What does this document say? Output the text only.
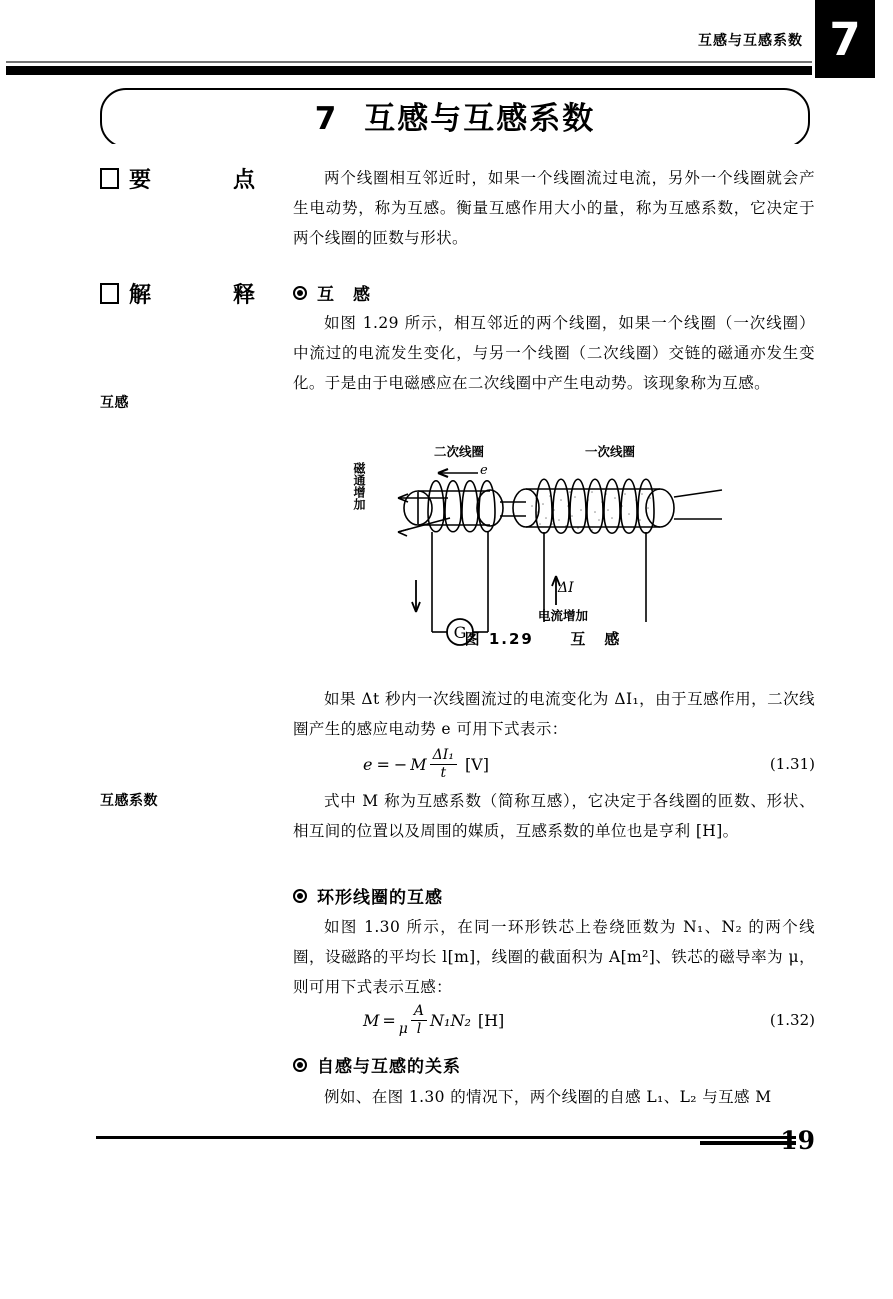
互感与互感系数 7
7 互感与互感系数
要	点	两个线圈相互邻近时，如果一个线圈流过电流，另外一个线圈就会产生电动势，称为互感。衡量互感作用大小的量，称为互感系数，它决定于两个线圈的匝数与形状。

解	释	互　感

如图 1.29 所示，相互邻近的两个线圈，如果一个线圈（一次线圈）中流过的电流发生变化，与另一个线圈（二次线圈）交链的磁通亦发生变化。于是由于电磁感应在二次线圈中产生电动势。该现象称为互感。

互感
磁通增加
二次线圈	一次线圈
e
ΔI
电流增加
G
图 1.29 互　感

如果 Δt 秒内一次线圈流过的电流变化为 ΔI₁，由于互感作用，二次线圈产生的感应电动势 e 可用下式表示：

e = − M $\frac{\text{ΔI₁}}{t} [V]$	(1.31)
互感系数	式中 M 称为互感系数（简称互感），它决定于各线圈的匝数、形状、相互间的位置以及周围的媒质，互感系数的单位也是亨利 [H]。

环形线圈的互感

如图 1.30 所示，在同一环形铁芯上卷绕匝数为 N₁、N₂ 的两个线圈，设磁路的平均长 l[m]，线圈的截面积为 A[m²]、铁芯的磁导率为 μ，则可用下式表示互感：

M = μ $\frac{A}{l} N_1N_2$ [H]	(1.32)
自感与互感的关系

例如、在图 1.30 的情况下，两个线圈的自感 L₁、L₂ 与互感 M

19
